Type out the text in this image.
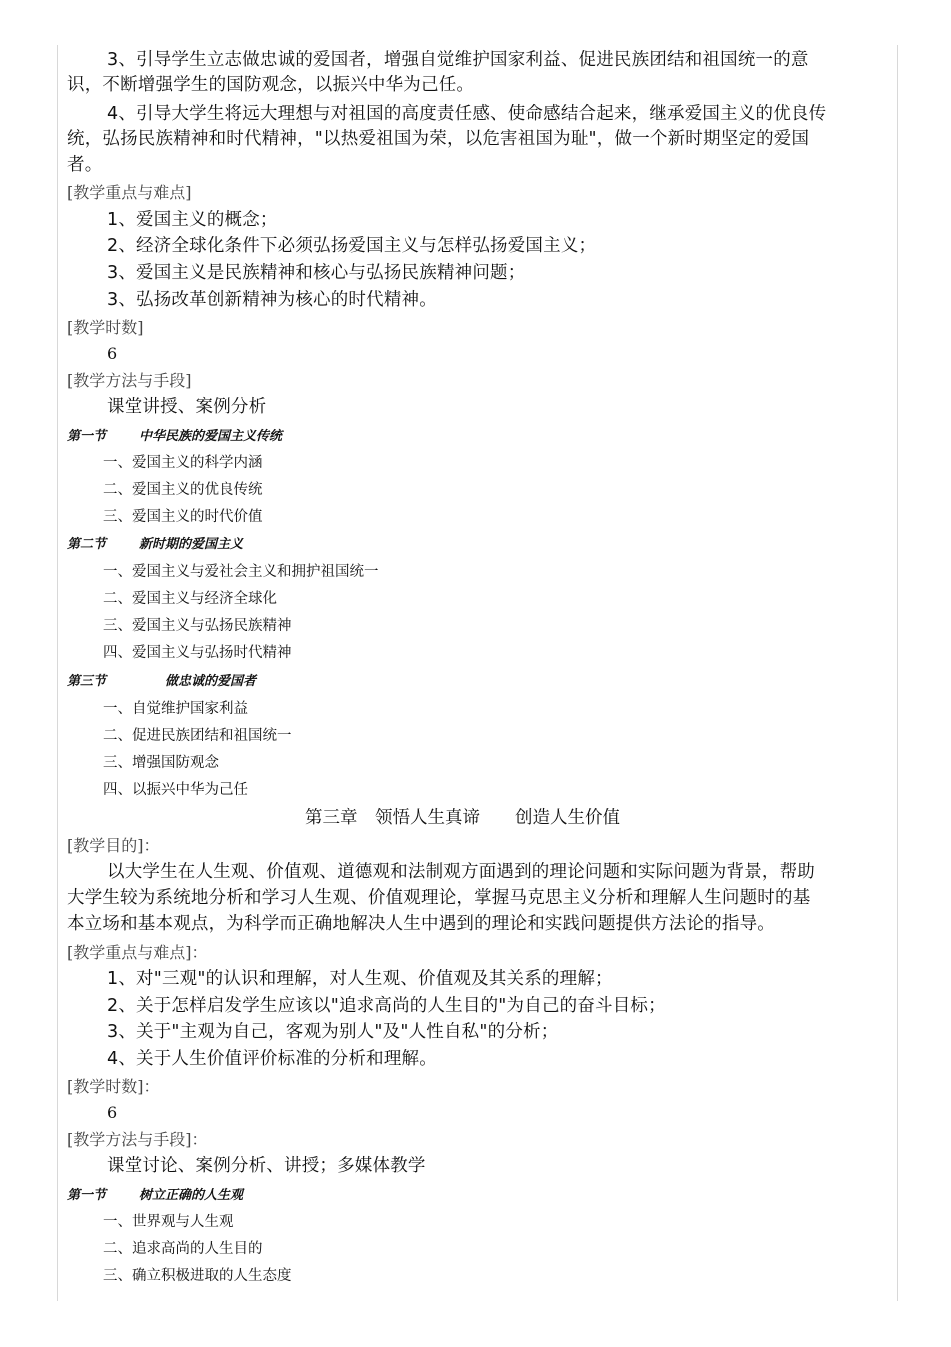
3、引导学生立志做忠诚的爱国者，增强自觉维护国家利益、促进民族团结和祖国统一的意
识，不断增强学生的国防观念，以振兴中华为己任。
4、引导大学生将远大理想与对祖国的高度责任感、使命感结合起来，继承爱国主义的优良传
统，弘扬民族精神和时代精神，"以热爱祖国为荣，以危害祖国为耻"，做一个新时期坚定的爱国
者。
[教学重点与难点]
1、爱国主义的概念；
2、经济全球化条件下必须弘扬爱国主义与怎样弘扬爱国主义；
3、爱国主义是民族精神和核心与弘扬民族精神问题；
3、弘扬改革创新精神为核心的时代精神。
[教学时数]
6
[教学方法与手段]
课堂讲授、案例分析
第一节	中华民族的爱国主义传统
一、爱国主义的科学内涵
二、爱国主义的优良传统
三、爱国主义的时代价值
第二节	新时期的爱国主义
一、爱国主义与爱社会主义和拥护祖国统一
二、爱国主义与经济全球化
三、爱国主义与弘扬民族精神
四、爱国主义与弘扬时代精神
第三节	做忠诚的爱国者
一、自觉维护国家利益
二、促进民族团结和祖国统一
三、增强国防观念
四、以振兴中华为己任
第三章　领悟人生真谛　　创造人生价值
[教学目的]：
以大学生在人生观、价值观、道德观和法制观方面遇到的理论问题和实际问题为背景，帮助
大学生较为系统地分析和学习人生观、价值观理论，掌握马克思主义分析和理解人生问题时的基
本立场和基本观点，为科学而正确地解决人生中遇到的理论和实践问题提供方法论的指导。
[教学重点与难点]：
1、对"三观"的认识和理解，对人生观、价值观及其关系的理解；
2、关于怎样启发学生应该以"追求高尚的人生目的"为自己的奋斗目标；
3、关于"主观为自己，客观为别人"及"人性自私"的分析；
4、关于人生价值评价标准的分析和理解。
[教学时数]：
6
[教学方法与手段]：
课堂讨论、案例分析、讲授；多媒体教学
第一节	树立正确的人生观
一、世界观与人生观
二、追求高尚的人生目的
三、确立积极进取的人生态度
